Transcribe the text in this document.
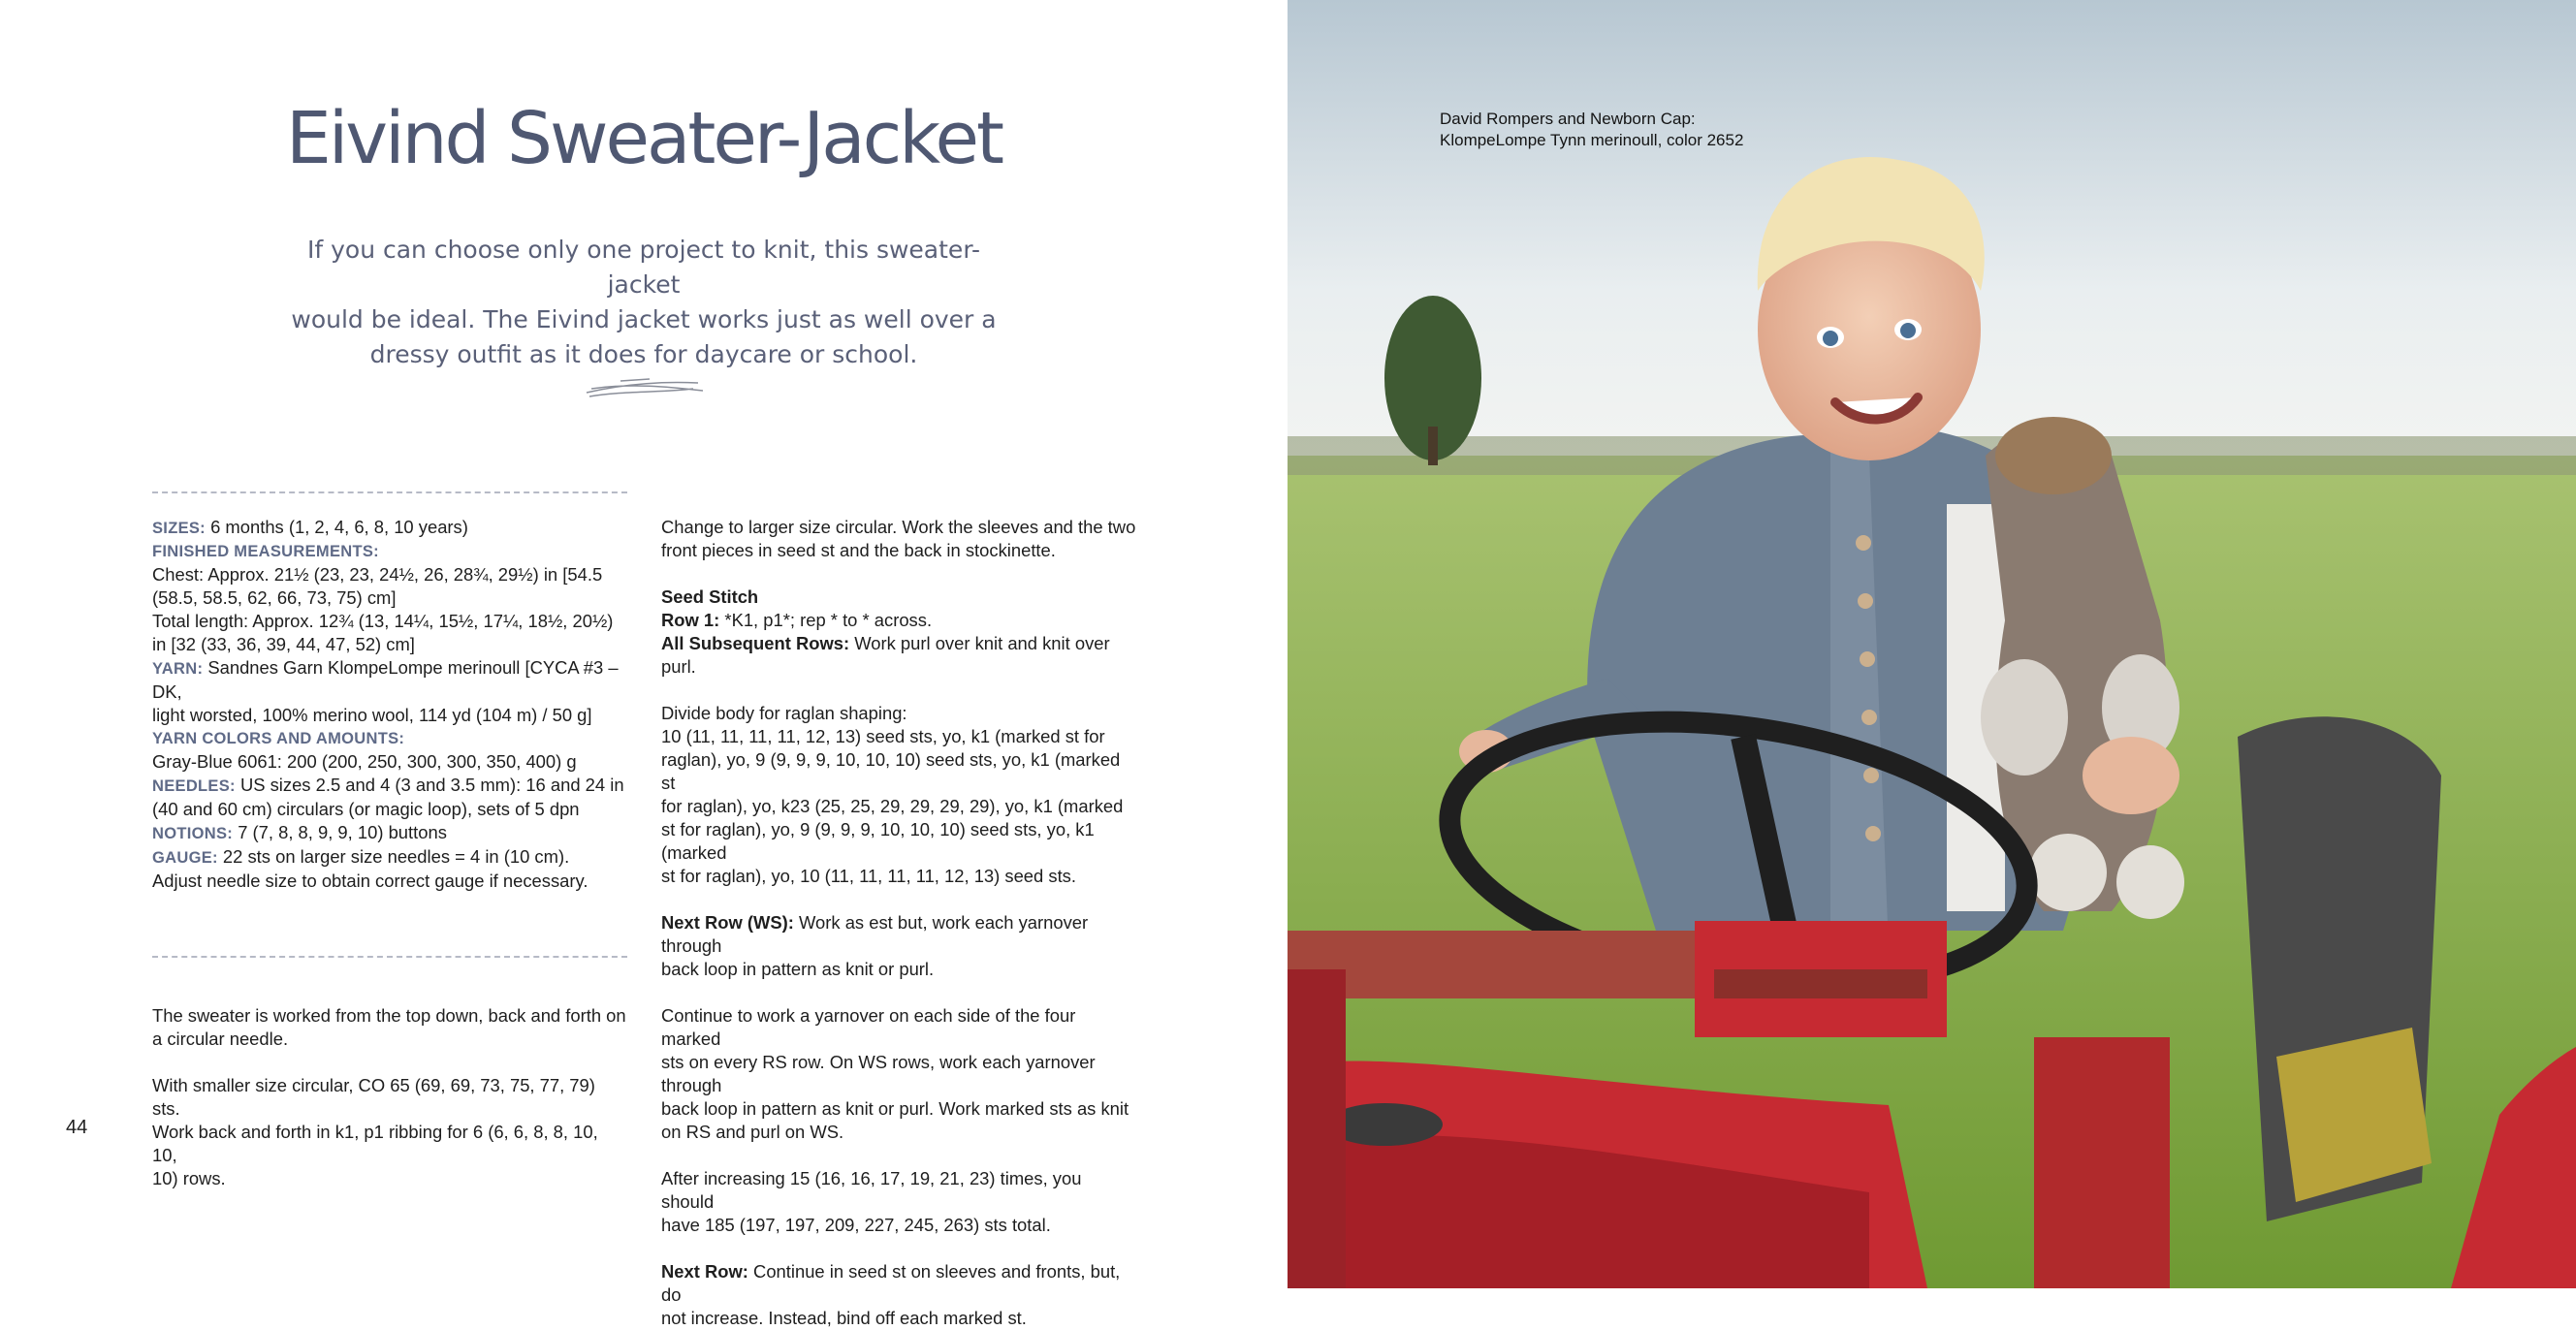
Eivind Sweater-Jacket

If you can choose only one project to knit, this sweater-jacket
would be ideal. The Eivind jacket works just as well over a
dressy outfit as it does for daycare or school.

SIZES: 6 months (1, 2, 4, 6, 8, 10 years)

FINISHED MEASUREMENTS:

Chest: Approx. 21½ (23, 23, 24½, 26, 28¾, 29½) in [54.5

(58.5, 58.5, 62, 66, 73, 75) cm]

Total length: Approx. 12¾ (13, 14¼, 15½, 17¼, 18½, 20½)

in [32 (33, 36, 39, 44, 47, 52) cm]

YARN: Sandnes Garn KlompeLompe merinoull [CYCA #3 – DK,

light worsted, 100% merino wool, 114 yd (104 m) / 50 g]

YARN COLORS AND AMOUNTS:

Gray-Blue 6061: 200 (200, 250, 300, 300, 350, 400) g

NEEDLES: US sizes 2.5 and 4 (3 and 3.5 mm): 16 and 24 in

(40 and 60 cm) circulars (or magic loop), sets of 5 dpn

NOTIONS: 7 (7, 8, 8, 9, 9, 10) buttons

GAUGE: 22 sts on larger size needles = 4 in (10 cm).

Adjust needle size to obtain correct gauge if necessary.

The sweater is worked from the top down, back and forth on

a circular needle.

With smaller size circular, CO 65 (69, 69, 73, 75, 77, 79) sts.

Work back and forth in k1, p1 ribbing for 6 (6, 6, 8, 8, 10, 10,

10) rows.

Change to larger size circular. Work the sleeves and the two

front pieces in seed st and the back in stockinette.

Seed Stitch

Row 1: *K1, p1*; rep * to * across.

All Subsequent Rows: Work purl over knit and knit over purl.

Divide body for raglan shaping:

10 (11, 11, 11, 11, 12, 13) seed sts, yo, k1 (marked st for

raglan), yo, 9 (9, 9, 9, 10, 10, 10) seed sts, yo, k1 (marked st

for raglan), yo, k23 (25, 25, 29, 29, 29, 29), yo, k1 (marked

st for raglan), yo, 9 (9, 9, 9, 10, 10, 10) seed sts, yo, k1 (marked

st for raglan), yo, 10 (11, 11, 11, 11, 12, 13) seed sts.

Next Row (WS): Work as est but, work each yarnover through

back loop in pattern as knit or purl.

Continue to work a yarnover on each side of the four marked

sts on every RS row. On WS rows, work each yarnover through

back loop in pattern as knit or purl. Work marked sts as knit

on RS and purl on WS.

After increasing 15 (16, 16, 17, 19, 21, 23) times, you should

have 185 (197, 197, 209, 227, 245, 263) sts total.

Next Row: Continue in seed st on sleeves and fronts, but, do

not increase. Instead, bind off each marked st.

44
David Rompers and Newborn Cap:
KlompeLompe Tynn merinoull, color 2652
